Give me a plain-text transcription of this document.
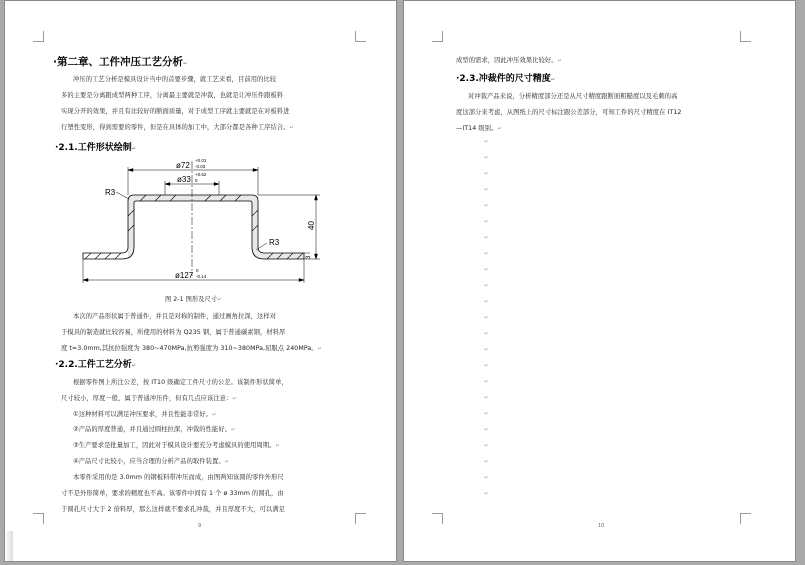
·第二章、工件冲压工艺分析↵
冲压的工艺分析是模具设计当中的首要步骤，就工艺来看，目前用的比较
多的主要是分离跟成型两种工序，分离最主要就是冲裁，也就是让冲压件跟板料
实现分开的效果，并且有比较好的断面质量，对于成型工序就主要就是在对板料进
行塑性变形，得到需要的零件，但是在具体的加工中，大部分都是各种工序结合。↵
·2.1.工件形状绘制↵
ø72
+0.01
-0.03
ø33
+0.62
0
R3
R3
40
3
ø127
0
-0.14
图 2-1 图形及尺寸↵
本次的产品形状属于普通件，并且是对称的制件，通过画角拉深，这样对
于模具的制造就比较容易，所使用的材料为 Q235 钢，属于普通碳素钢，材料厚
度 t=3.0mm,其抗拉强度为 380~470MPa,抗剪强度为 310~380MPa,屈服点 240MPa。↵
·2.2.工件工艺分析↵
根据零件图上所注公差，按 IT10 级确定工件尺寸的公差。该制件形状简单，
尺寸较小，厚度一般，属于普通冲压件，但有几点应该注意：↵
①这种材料可以满足冲压要求，并且性能非常好。↵
②产品的厚度普通，并且通过圆柱拉深，冲裁的性能好。↵
③生产要求是批量加工，因此对于模具设计要充分考虑模具的使用周期。↵
④产品尺寸比较小，应当合理的分析产品的取件装置。↵
本零件采用的是 3.0mm 的钢板料带冲压而成，由图两知该圆的零件外形尺
寸不是外形简单，要求的精度也不高。该零件中间有 1 个 ø 33mm 的圆孔，由
于圆孔尺寸大于 2 倍料厚，那么这样就不要求孔冲裁，并且厚度不大，可以满足
9
成型的需求，因此冲压效果比较好。↵
·2.3.冲裁件的尺寸精度↵
对冲裁产品来说，分析精度部分还是从尺寸精度跟断面粗糙度以及毛刺的高
度这部分来考虑，从图纸上的尺寸标注跟公差部分，可知工件的尺寸精度在 IT12
—IT14 级别。↵
↵
↵
↵
↵
↵
↵
↵
↵
↵
↵
↵
↵
↵
↵
↵
↵
↵
↵
↵
↵
↵
↵
↵
10
